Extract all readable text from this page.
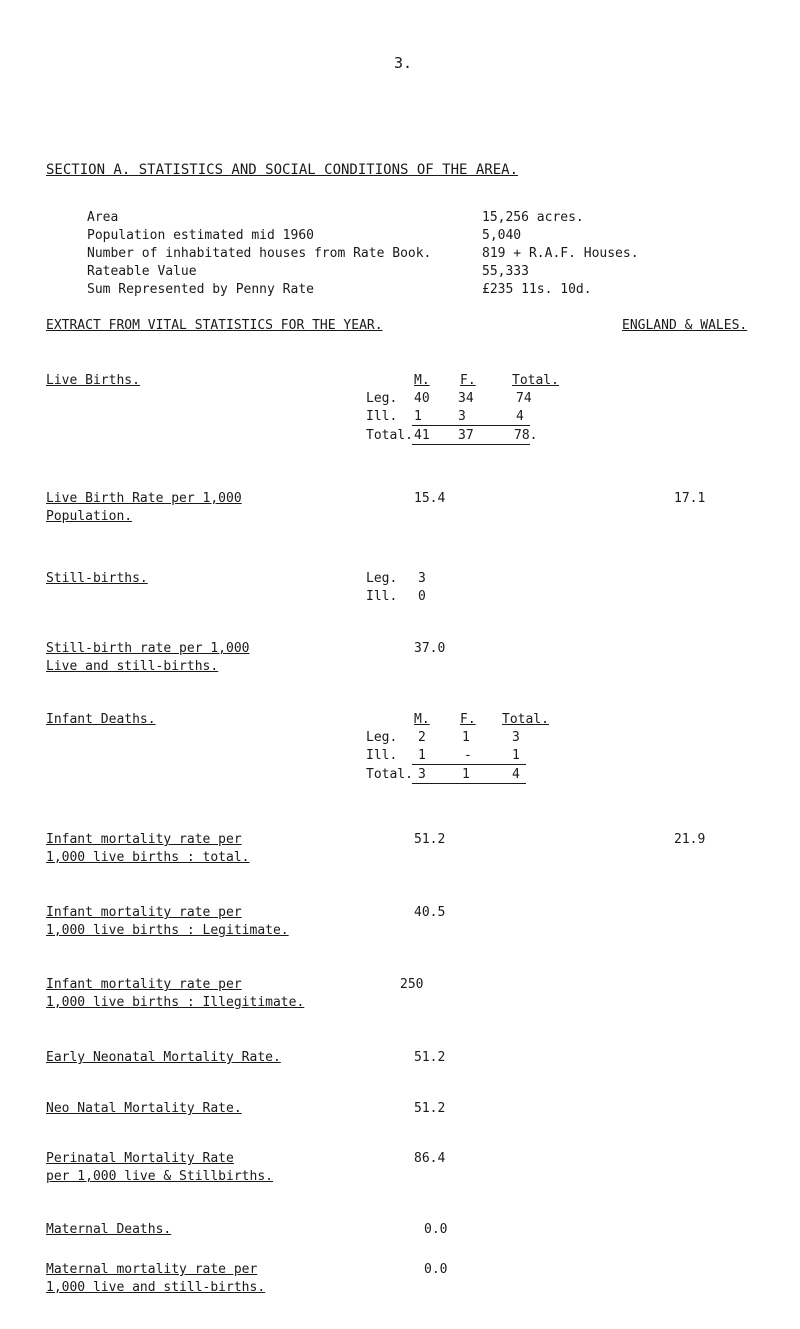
3.
SECTION A. STATISTICS AND SOCIAL CONDITIONS OF THE AREA.
Area	15,256 acres.
Population estimated mid 1960	5,040
Number of inhabitated houses from Rate Book.	819 + R.A.F. Houses.
Rateable Value	55,333
Sum Represented by Penny Rate	£235 11s. 10d.
EXTRACT FROM VITAL STATISTICS FOR THE YEAR.	ENGLAND & WALES.
Live Births.	M. F.	Total.
Leg. 40 34	74
Ill. 1	3	4
Total. 41 37	78.
Live Birth Rate per 1,000
Population.
15.4	17.1
Still-births.	Leg. 3
Ill. 0
Still-birth rate per 1,000
Live and still-births.
37.0
Infant Deaths.	M. F. Total.
Leg. 2	1	3
Ill. 1	-	1
Total. 3	1	4
Infant mortality rate per
1,000 live births : total.
51.2	21.9
Infant mortality rate per
1,000 live births : Legitimate.
40.5
Infant mortality rate per
1,000 live births : Illegitimate.
250
Early Neonatal Mortality Rate.	51.2
Neo Natal Mortality Rate.	51.2
Perinatal Mortality Rate
per 1,000 live & Stillbirths.
86.4
Maternal Deaths.	0.0
Maternal mortality rate per
1,000 live and still-births.
0.0
